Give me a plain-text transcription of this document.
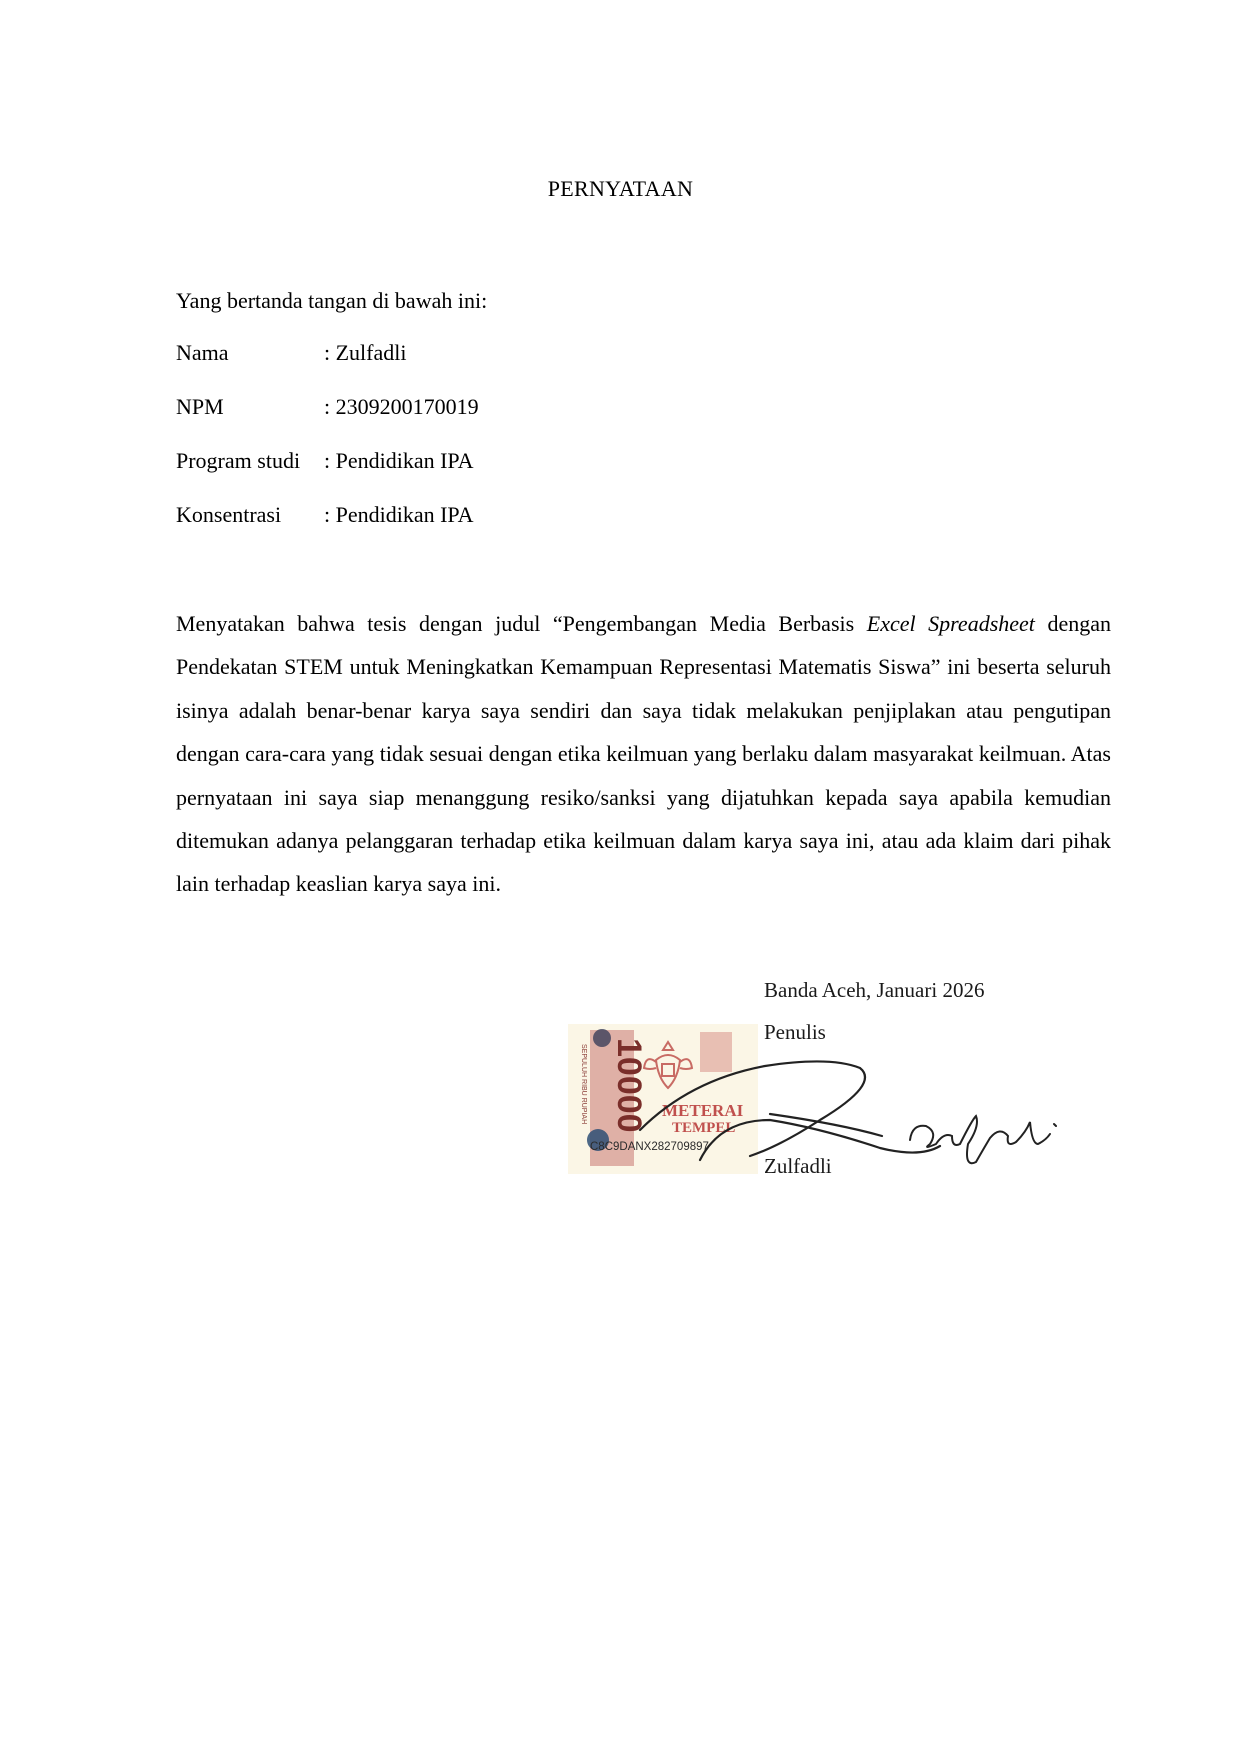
PERNYATAAN
Yang bertanda tangan di bawah ini:
Nama	: Zulfadli
NPM	: 2309200170019
Program studi	: Pendidikan IPA
Konsentrasi	: Pendidikan IPA
Menyatakan bahwa tesis dengan judul “Pengembangan Media Berbasis Excel Spreadsheet dengan Pendekatan STEM untuk Meningkatkan Kemampuan Representasi Matematis Siswa” ini beserta seluruh isinya adalah benar-benar karya saya sendiri dan saya tidak melakukan penjiplakan atau pengutipan dengan cara-cara yang tidak sesuai dengan etika keilmuan yang berlaku dalam masyarakat keilmuan. Atas pernyataan ini saya siap menanggung resiko/sanksi yang dijatuhkan kepada saya apabila kemudian ditemukan adanya pelanggaran terhadap etika keilmuan dalam karya saya ini, atau ada klaim dari pihak lain terhadap keaslian karya saya ini.
10000
SEPULUH RIBU RUPIAH	METERAI
TEMPEL
C8C9DANX282709897
Banda Aceh, Januari 2026
Penulis
Zulfadli
